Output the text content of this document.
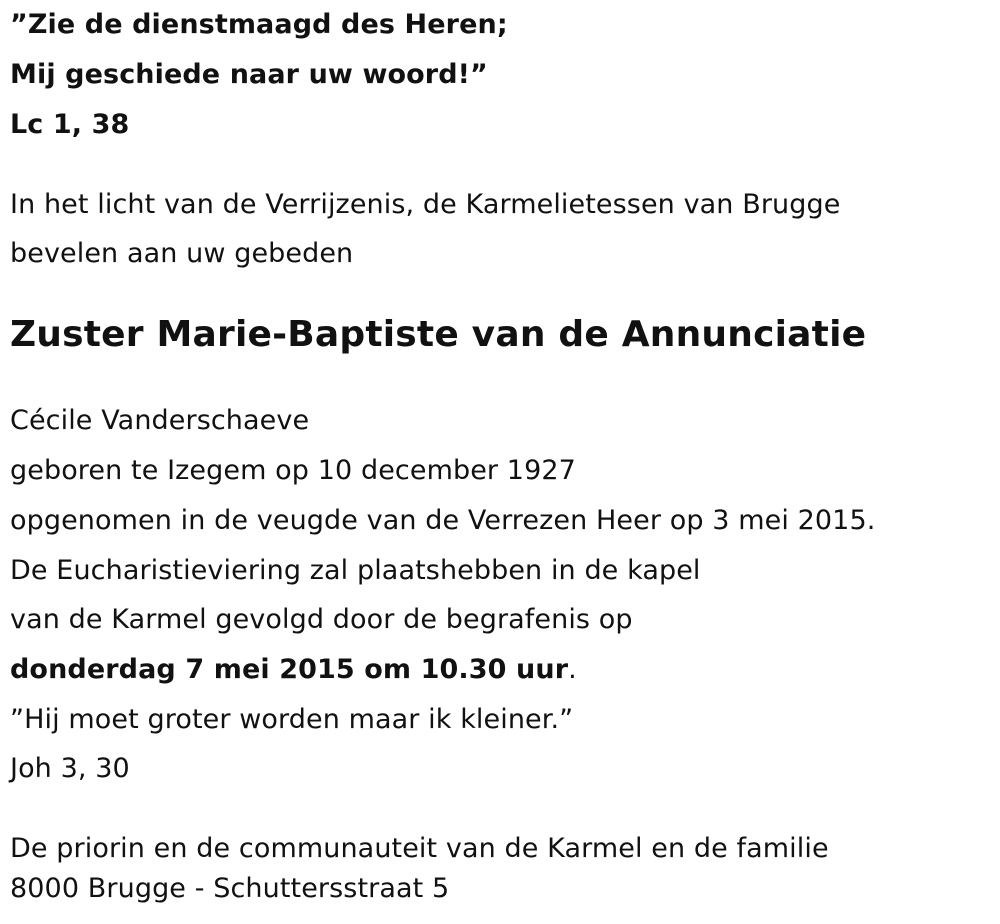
”Zie de dienstmaagd des Heren;
Mij geschiede naar uw woord!”
Lc 1, 38
In het licht van de Verrijzenis, de Karmelietessen van Brugge
bevelen aan uw gebeden
Zuster Marie-Baptiste van de Annunciatie
Cécile Vanderschaeve
geboren te Izegem op 10 december 1927
opgenomen in de veugde van de Verrezen Heer op 3 mei 2015.
De Eucharistieviering zal plaatshebben in de kapel
van de Karmel gevolgd door de begrafenis op
donderdag 7 mei 2015 om 10.30 uur.
”Hij moet groter worden maar ik kleiner.”
Joh 3, 30
De priorin en de communauteit van de Karmel en de familie
8000 Brugge - Schuttersstraat 5
